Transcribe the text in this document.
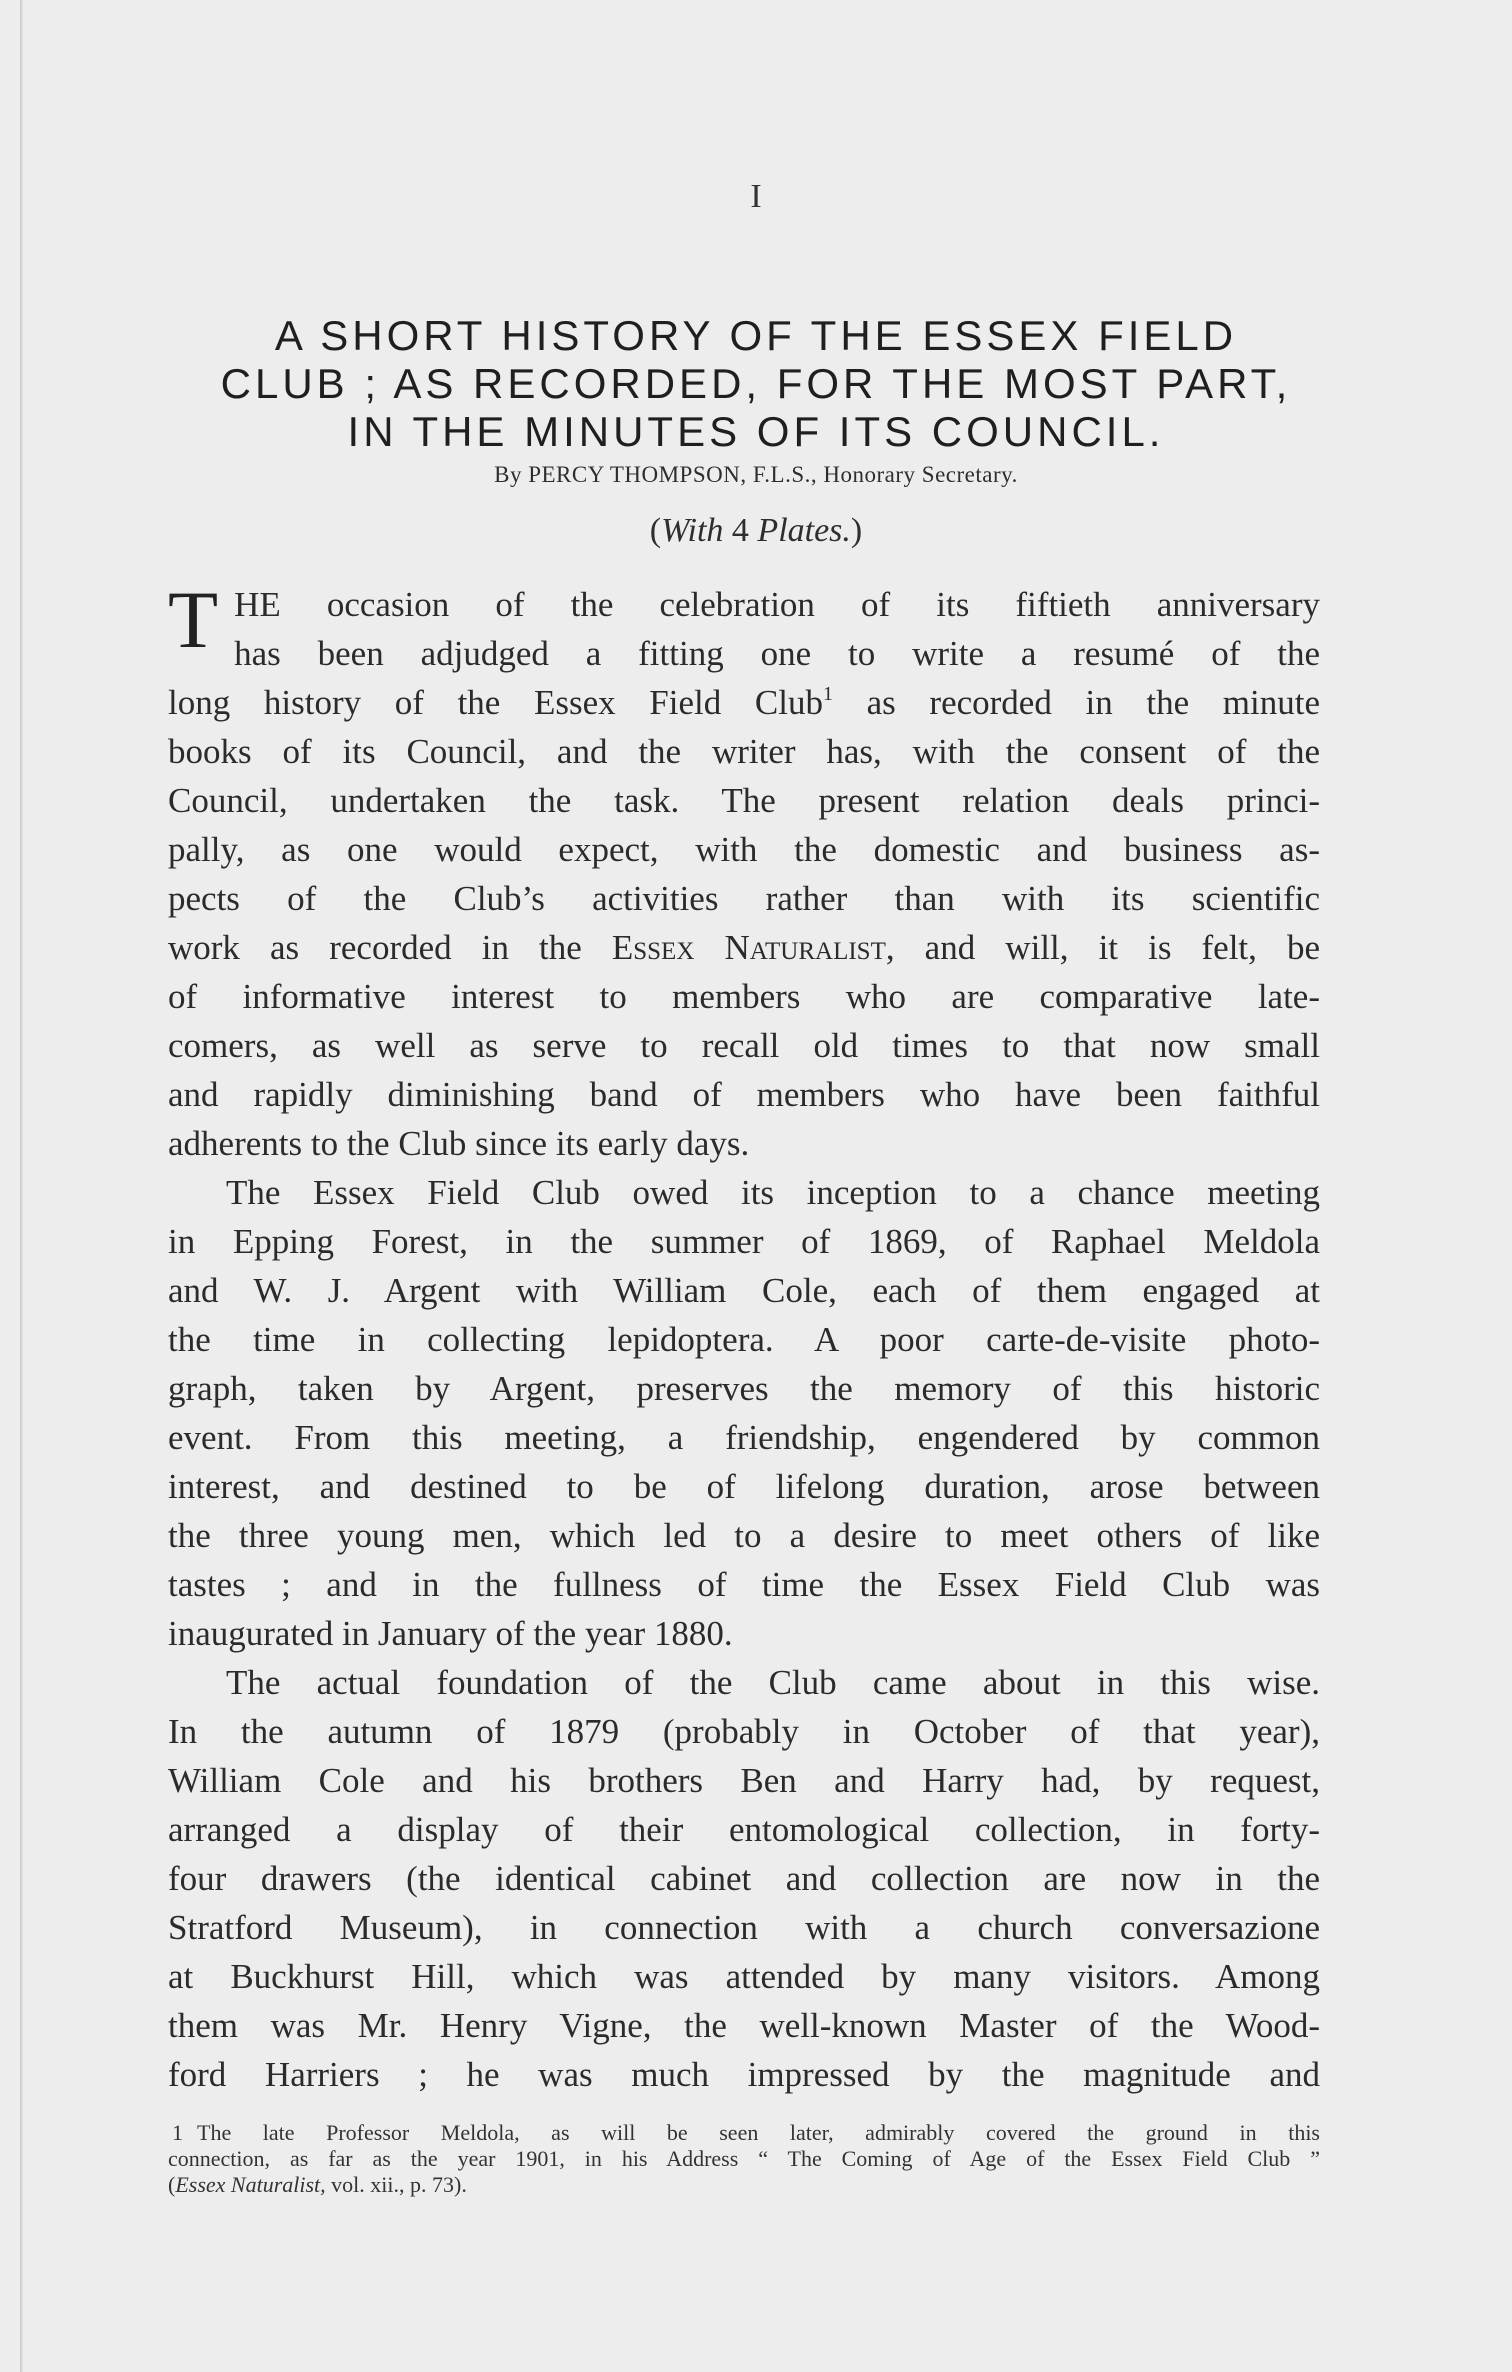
I
A SHORT HISTORY OF THE ESSEX FIELD
CLUB ; AS RECORDED, FOR THE MOST PART,
IN THE MINUTES OF ITS COUNCIL.
By PERCY THOMPSON, F.L.S., Honorary Secretary.
(With 4 Plates.)
T HE occasion of the celebration of its fiftieth anniversary
has been adjudged a fitting one to write a resumé of the
long history of the Essex Field Club$^1$ as recorded in the minute
books of its Council, and the writer has, with the consent of the
Council, undertaken the task. The present relation deals princi-
pally, as one would expect, with the domestic and business as-
pects of the Club’s activities rather than with its scientific
work as recorded in the Essex Naturalist, and will, it is felt, be
of informative interest to members who are comparative late-
comers, as well as serve to recall old times to that now small
and rapidly diminishing band of members who have been faithful
adherents to the Club since its early days.
The Essex Field Club owed its inception to a chance meeting
in Epping Forest, in the summer of 1869, of Raphael Meldola
and W. J. Argent with William Cole, each of them engaged at
the time in collecting lepidoptera. A poor carte-de-visite photo-
graph, taken by Argent, preserves the memory of this historic
event. From this meeting, a friendship, engendered by common
interest, and destined to be of lifelong duration, arose between
the three young men, which led to a desire to meet others of like
tastes ; and in the fullness of time the Essex Field Club was
inaugurated in January of the year 1880.
The actual foundation of the Club came about in this wise.
In the autumn of 1879 (probably in October of that year),
William Cole and his brothers Ben and Harry had, by request,
arranged a display of their entomological collection, in forty-
four drawers (the identical cabinet and collection are now in the
Stratford Museum), in connection with a church conversazione
at Buckhurst Hill, which was attended by many visitors. Among
them was Mr. Henry Vigne, the well-known Master of the Wood-
ford Harriers ; he was much impressed by the magnitude and
1 The late Professor Meldola, as will be seen later, admirably covered the ground in this
connection, as far as the year 1901, in his Address “ The Coming of Age of the Essex Field Club ”
(Essex Naturalist, vol. xii., p. 73).
